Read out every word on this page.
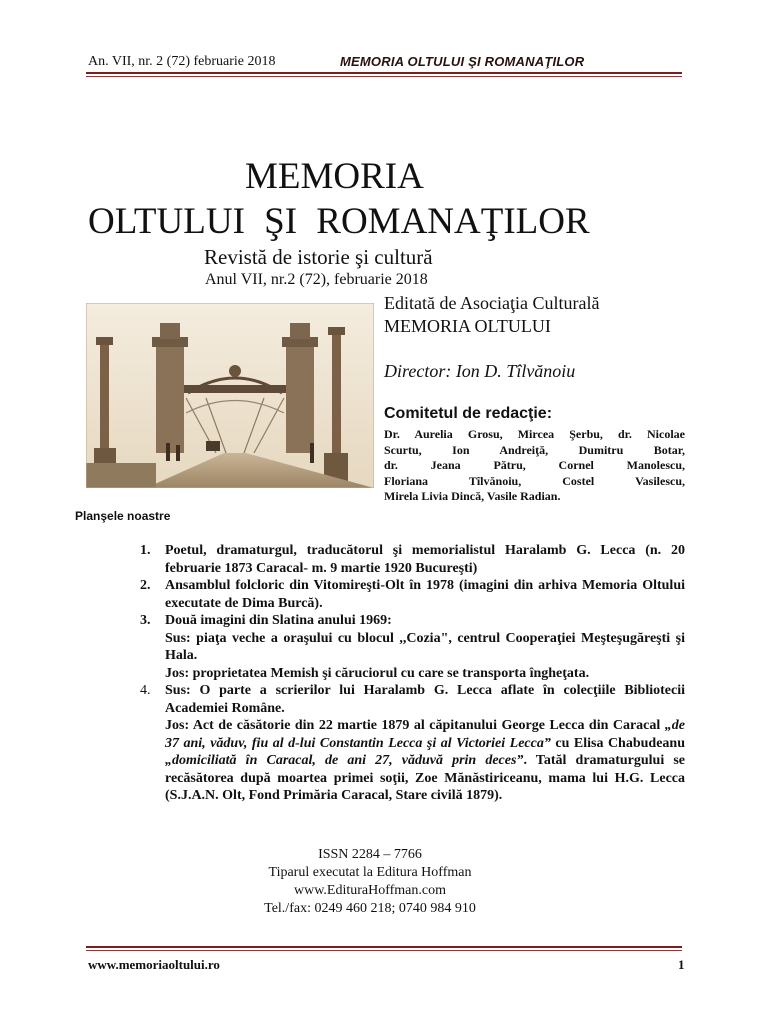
An. VII, nr. 2 (72) februarie 2018	MEMORIA OLTULUI ŞI ROMANAŢILOR
MEMORIA
OLTULUI ŞI ROMANAŢILOR
Revistă de istorie şi cultură
Anul VII, nr.2 (72), februarie 2018
Editată de Asociaţia Culturală
MEMORIA OLTULUI
Director: Ion D. Tîlvănoiu
Comitetul de redacţie:
Dr. Aurelia Grosu, Mircea Şerbu, dr. Nicolae
Scurtu, Ion Andreiţă, Dumitru Botar,
dr. Jeana Pătru, Cornel Manolescu,
Floriana Tîlvănoiu, Costel Vasilescu,
Mirela Livia Dincă, Vasile Radian.
Planşele noastre
1. Poetul, dramaturgul, traducătorul şi memorialistul Haralamb G. Lecca (n. 20 februarie 1873 Caracal- m. 9 martie 1920 Bucureşti)

2. Ansamblul folcloric din Vitomireşti-Olt în 1978 (imagini din arhiva Memoria Oltului executate de Dima Burcă).

3. Două imagini din Slatina anului 1969:

Sus: piaţa veche a oraşului cu blocul ,,Cozia", centrul Cooperaţiei Meşteşugăreşti şi Hala.

Jos: proprietatea Memish şi căruciorul cu care se transporta îngheţata.

4. Sus: O parte a scrierilor lui Haralamb G. Lecca aflate în colecţiile Bibliotecii Academiei Române.

Jos: Act de căsătorie din 22 martie 1879 al căpitanului George Lecca din Caracal „de 37 ani, văduv, fiu al d-lui Constantin Lecca şi al Victoriei Lecca” cu Elisa Chabudeanu „domiciliată în Caracal, de ani 27, văduvă prin deces”. Tatăl dramaturgului se recăsătorea după moartea primei soţii, Zoe Mănăstiriceanu, mama lui H.G. Lecca (S.J.A.N. Olt, Fond Primăria Caracal, Stare civilă 1879).

ISSN 2284 – 7766
Tiparul executat la Editura Hoffman
www.EdituraHoffman.com
Tel./fax: 0249 460 218; 0740 984 910
www.memoriaoltului.ro	1
